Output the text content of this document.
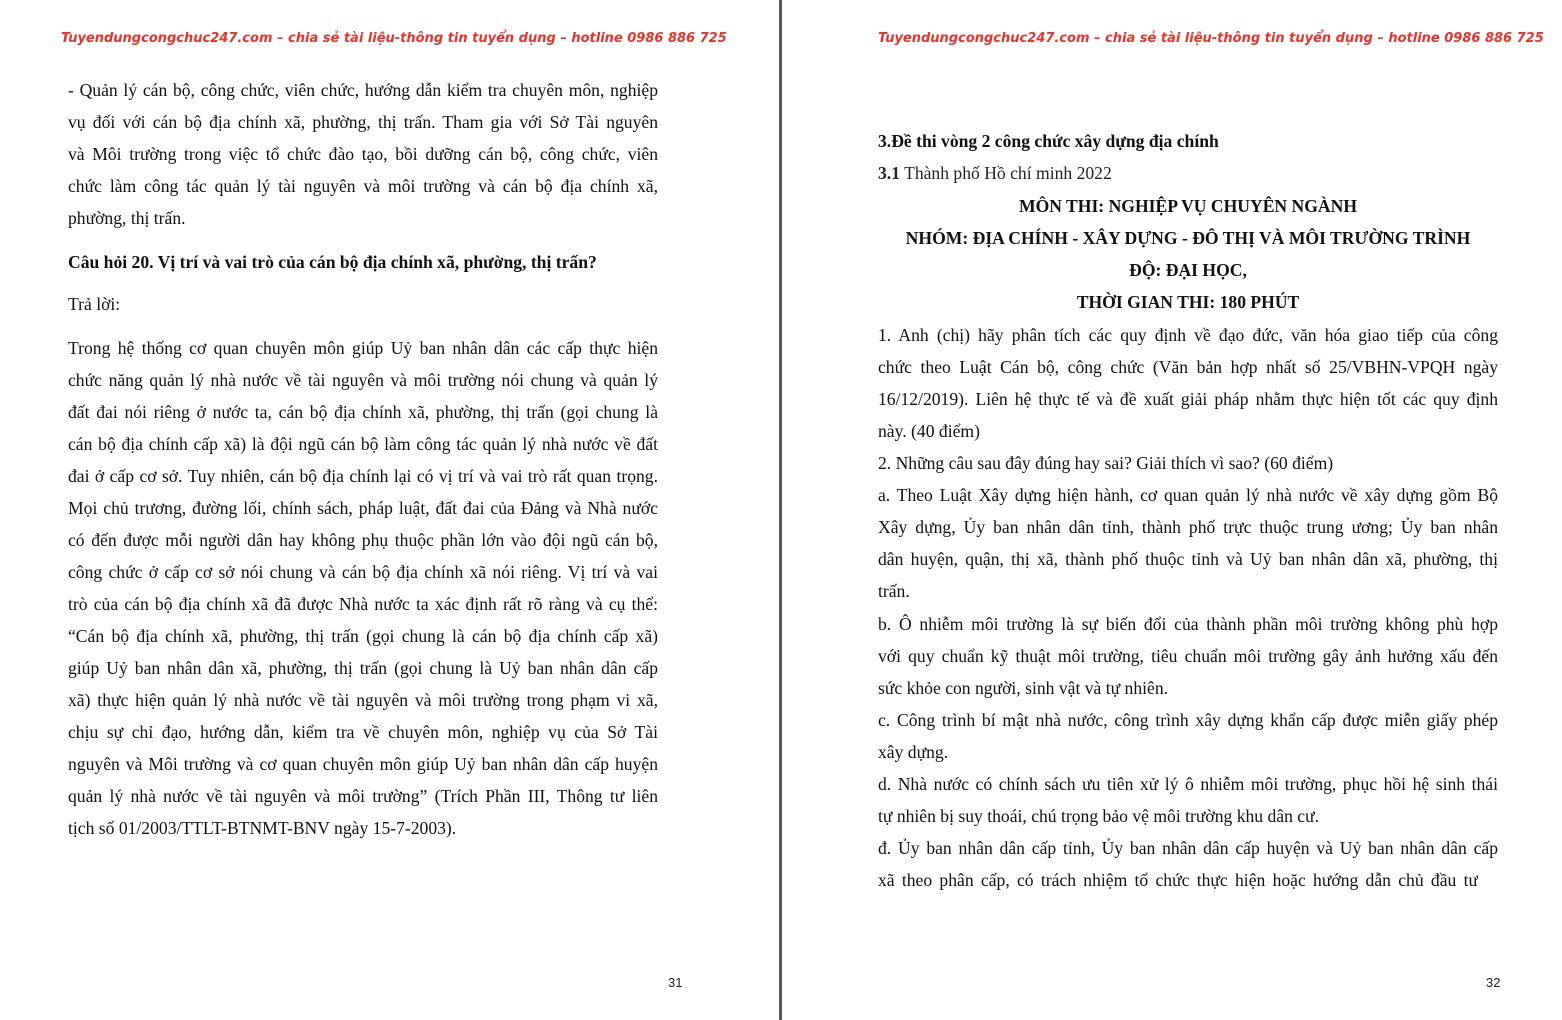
Tuyendungcongchuc247.com – chia sẻ tài liệu-thông tin tuyển dụng – hotline 0986 886 725
- Quản lý cán bộ, công chức, viên chức, hướng dẫn kiểm tra chuyên môn, nghiệp
vụ đối với cán bộ địa chính xã, phường, thị trấn. Tham gia với Sở Tài nguyên
và Môi trường trong việc tổ chức đào tạo, bồi dưỡng cán bộ, công chức, viên
chức làm công tác quản lý tài nguyên và môi trường và cán bộ địa chính xã,
phường, thị trấn.
Câu hỏi 20. Vị trí và vai trò của cán bộ địa chính xã, phường, thị trấn?
Trả lời:
Trong hệ thống cơ quan chuyên môn giúp Uỷ ban nhân dân các cấp thực hiện
chức năng quản lý nhà nước về tài nguyên và môi trường nói chung và quản lý
đất đai nói riêng ở nước ta, cán bộ địa chính xã, phường, thị trấn (gọi chung là
cán bộ địa chính cấp xã) là đội ngũ cán bộ làm công tác quản lý nhà nước về đất
đai ở cấp cơ sở. Tuy nhiên, cán bộ địa chính lại có vị trí và vai trò rất quan trọng.
Mọi chủ trương, đường lối, chính sách, pháp luật, đất đai của Đảng và Nhà nước
có đến được mỗi người dân hay không phụ thuộc phần lớn vào đội ngũ cán bộ,
công chức ở cấp cơ sở nói chung và cán bộ địa chính xã nói riêng. Vị trí và vai
trò của cán bộ địa chính xã đã được Nhà nước ta xác định rất rõ ràng và cụ thể:
“Cán bộ địa chính xã, phường, thị trấn (gọi chung là cán bộ địa chính cấp xã)
giúp Uỷ ban nhân dân xã, phường, thị trấn (gọi chung là Uỷ ban nhân dân cấp
xã) thực hiện quản lý nhà nước về tài nguyên và môi trường trong phạm vi xã,
chịu sự chỉ đạo, hướng dẫn, kiểm tra về chuyên môn, nghiệp vụ của Sở Tài
nguyên và Môi trường và cơ quan chuyên môn giúp Uỷ ban nhân dân cấp huyện
quản lý nhà nước về tài nguyên và môi trường” (Trích Phần III, Thông tư liên
tịch số 01/2003/TTLT-BTNMT-BNV ngày 15-7-2003).
31
Tuyendungcongchuc247.com – chia sẻ tài liệu-thông tin tuyển dụng – hotline 0986 886 725
3.Đề thi vòng 2 công chức xây dựng địa chính
3.1 Thành phố Hồ chí minh 2022
MÔN THI: NGHIỆP VỤ CHUYÊN NGÀNH
NHÓM: ĐỊA CHÍNH - XÂY DỰNG - ĐÔ THỊ VÀ MÔI TRƯỜNG TRÌNH
ĐỘ: ĐẠI HỌC,
THỜI GIAN THI: 180 PHÚT
1. Anh (chị) hãy phân tích các quy định về đạo đức, văn hóa giao tiếp của công
chức theo Luật Cán bộ, công chức (Văn bản hợp nhất số 25/VBHN-VPQH ngày
16/12/2019). Liên hệ thực tế và đề xuất giải pháp nhằm thực hiện tốt các quy định
này. (40 điểm)
2. Những câu sau đây đúng hay sai? Giải thích vì sao? (60 điểm)
a. Theo Luật Xây dựng hiện hành, cơ quan quản lý nhà nước về xây dựng gồm Bộ
Xây dựng, Ủy ban nhân dân tỉnh, thành phố trực thuộc trung ương; Ủy ban nhân
dân huyện, quận, thị xã, thành phố thuộc tỉnh và Uỷ ban nhân dân xã, phường, thị
trấn.
b. Ô nhiễm môi trường là sự biến đổi của thành phần môi trường không phù hợp
với quy chuẩn kỹ thuật môi trường, tiêu chuẩn môi trường gây ảnh hưởng xấu đến
sức khỏe con người, sinh vật và tự nhiên.
c. Công trình bí mật nhà nước, công trình xây dựng khẩn cấp được miễn giấy phép
xây dựng.
d. Nhà nước có chính sách ưu tiên xử lý ô nhiễm môi trường, phục hồi hệ sinh thái
tự nhiên bị suy thoái, chú trọng bảo vệ môi trường khu dân cư.
đ. Ủy ban nhân dân cấp tỉnh, Ủy ban nhân dân cấp huyện và Uỷ ban nhân dân cấp
xã theo phân cấp, có trách nhiệm tổ chức thực hiện hoặc hướng dẫn chủ đầu tư
32
